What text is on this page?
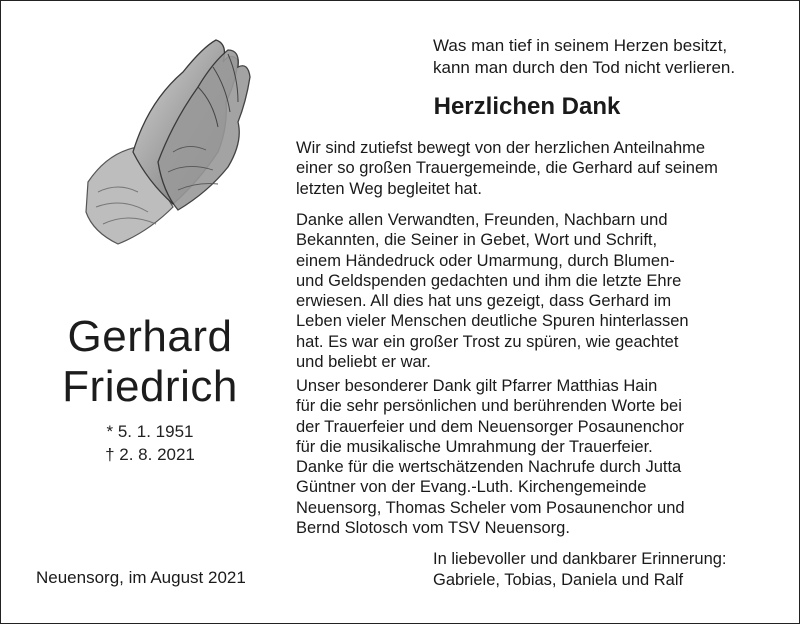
Gerhard
Friedrich
* 5. 1. 1951
† 2. 8. 2021
Neuensorg, im August 2021
Was man tief in seinem Herzen besitzt,
kann man durch den Tod nicht verlieren.
Herzlichen Dank
Wir sind zutiefst bewegt von der herzlichen Anteilnahme
einer so großen Trauergemeinde, die Gerhard auf seinem
letzten Weg begleitet hat.
Danke allen Verwandten, Freunden, Nachbarn und
Bekannten, die Seiner in Gebet, Wort und Schrift,
einem Händedruck oder Umarmung, durch Blumen-
und Geldspenden gedachten und ihm die letzte Ehre
erwiesen. All dies hat uns gezeigt, dass Gerhard im
Leben vieler Menschen deutliche Spuren hinterlassen
hat. Es war ein großer Trost zu spüren, wie geachtet
und beliebt er war.
Unser besonderer Dank gilt Pfarrer Matthias Hain
für die sehr persönlichen und berührenden Worte bei
der Trauerfeier und dem Neuensorger Posaunenchor
für die musikalische Umrahmung der Trauerfeier.
Danke für die wertschätzenden Nachrufe durch Jutta
Güntner von der Evang.-Luth. Kirchengemeinde
Neuensorg, Thomas Scheler vom Posaunenchor und
Bernd Slotosch vom TSV Neuensorg.
In liebevoller und dankbarer Erinnerung:
Gabriele, Tobias, Daniela und Ralf
